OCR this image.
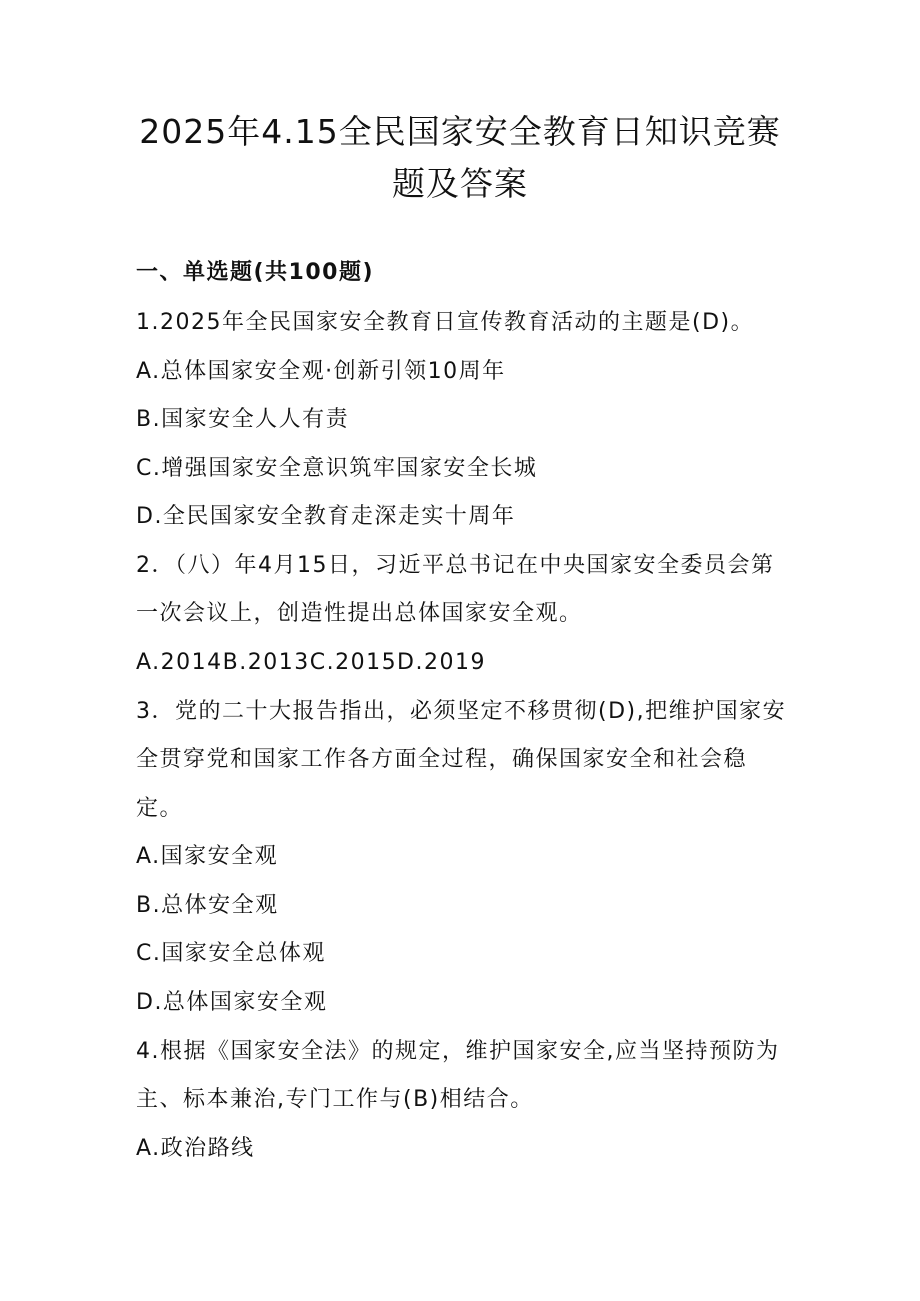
2025年4.15全民国家安全教育日知识竞赛
题及答案

一、单选题(共100题)

1.2025年全民国家安全教育日宣传教育活动的主题是(D)。

A.总体国家安全观·创新引领10周年

B.国家安全人人有责

C.增强国家安全意识筑牢国家安全长城

D.全民国家安全教育走深走实十周年

2．（八）年4月15日，习近平总书记在中央国家安全委员会第

一次会议上，创造性提出总体国家安全观。

A.2014B.2013C.2015D.2019

3．党的二十大报告指出，必须坚定不移贯彻(D),把维护国家安

全贯穿党和国家工作各方面全过程，确保国家安全和社会稳

定。

A.国家安全观

B.总体安全观

C.国家安全总体观

D.总体国家安全观

4.根据《国家安全法》的规定，维护国家安全,应当坚持预防为

主、标本兼治,专门工作与(B)相结合。

A.政治路线
